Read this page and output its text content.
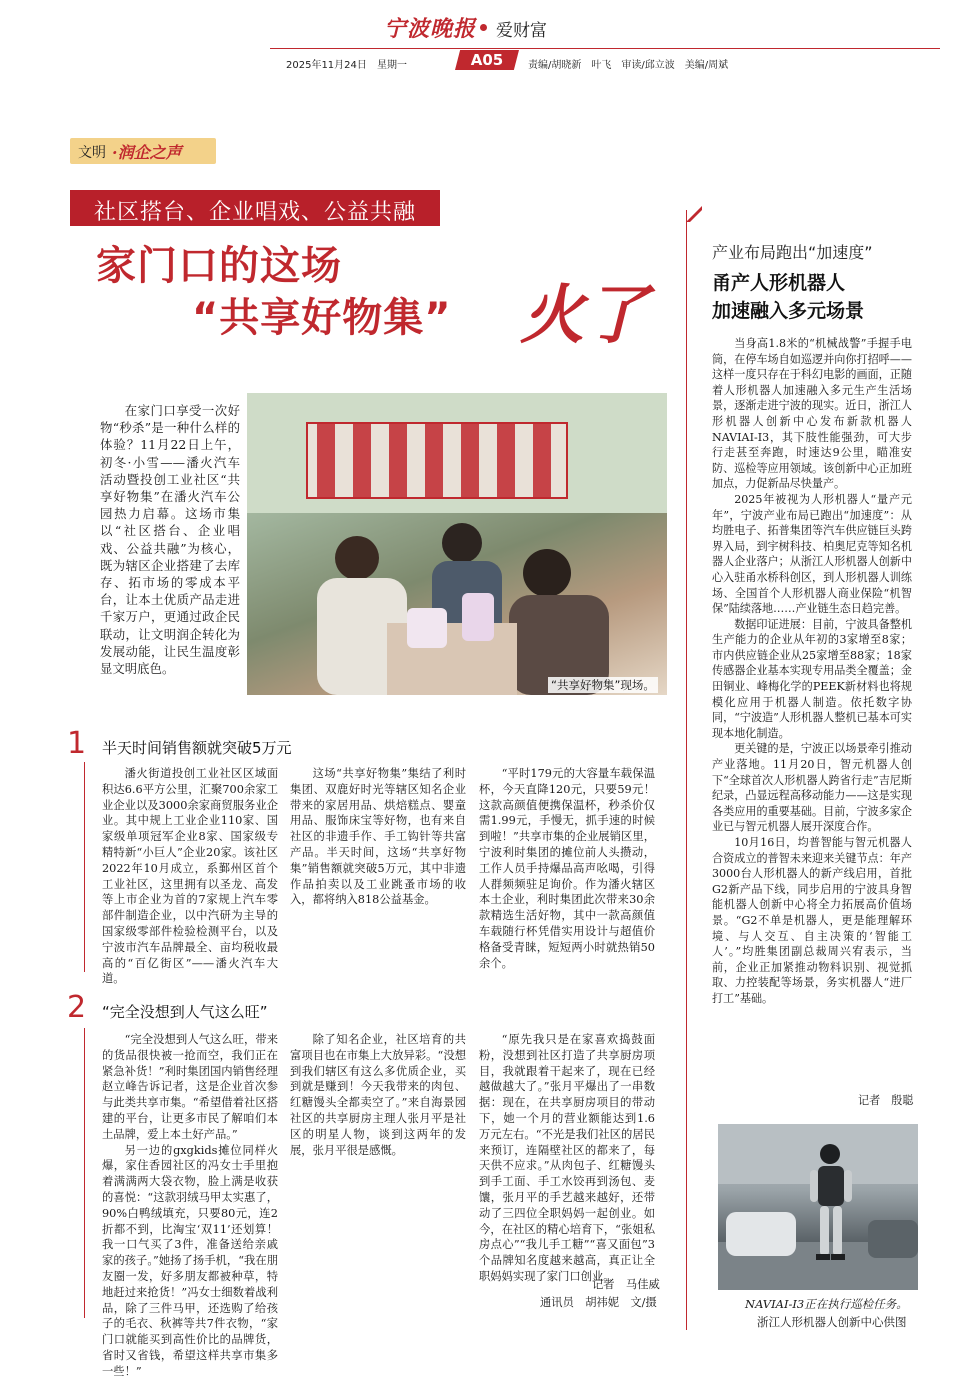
宁波晚报 爱财富
2025年11月24日 星期一	A05	责编/胡晓新　叶飞　审读/邱立波　美编/周斌
文明 ·润企之声
社区搭台、企业唱戏、公益共融
家门口的这场
“共享好物集” 火了

在家门口享受一次好物“秒杀”是一种什么样的体验？11月22日上午，初冬·小雪——潘火汽车活动暨投创工业社区“共享好物集”在潘火汽车公园热力启幕。这场市集以“社区搭台、企业唱戏、公益共融”为核心，既为辖区企业搭建了去库存、拓市场的零成本平台，让本土优质产品走进千家万户，更通过政企民联动，让文明润企转化为发展动能，让民生温度彰显文明底色。

“共享好物集”现场。
1 半天时间销售额就突破5万元

潘火街道投创工业社区区域面积达6.6平方公里，汇聚700余家工业企业以及3000余家商贸服务业企业。其中规上工业企业110家、国家级单项冠军企业8家、国家级专精特新“小巨人”企业20家。该社区2022年10月成立，系鄞州区首个工业社区，这里拥有以圣龙、高发等上市企业为首的7家规上汽车零部件制造企业，以中汽研为主导的国家级零部件检验检测平台，以及宁波市汽车品牌最全、亩均税收最高的“百亿街区”——潘火汽车大道。

这场“共享好物集”集结了利时集团、双鹿好时光等辖区知名企业带来的家居用品、烘焙糕点、婴童用品、服饰床宝等好物，也有来自社区的非遗手作、手工钩针等共富产品。半天时间，这场“共享好物集”销售额就突破5万元，其中非遗作品拍卖以及工业跳蚤市场的收入，都将纳入818公益基金。

“平时179元的大容量车载保温杯，今天直降120元，只要59元！这款高颜值便携保温杯，秒杀价仅需1.99元，手慢无，抓手速的时候到啦！”共享市集的企业展销区里，宁波利时集团的摊位前人头攒动，工作人员手持爆品高声吆喝，引得人群频频驻足询价。作为潘火辖区本土企业，利时集团此次带来30余款精选生活好物，其中一款高颜值车载随行杯凭借实用设计与超值价格备受青睐，短短两小时就热销50余个。

2 “完全没想到人气这么旺”

“完全没想到人气这么旺，带来的货品很快被一抢而空，我们正在紧急补货！”利时集团国内销售经理赵立峰告诉记者，这是企业首次参与此类共享市集。“希望借着社区搭建的平台，让更多市民了解咱们本土品牌，爱上本土好产品。”

另一边的gxgkids摊位同样火爆，家住香园社区的冯女士手里抱着满满两大袋衣物，脸上满是收获的喜悦：“这款羽绒马甲太实惠了，90%白鸭绒填充，只要80元，连2折都不到，比淘宝‘双11’还划算！我一口气买了3件，准备送给亲戚家的孩子。”她扬了扬手机，“我在朋友圈一发，好多朋友都被种草，特地赶过来抢货！”冯女士细数着战利品，除了三件马甲，还选购了给孩子的毛衣、秋裤等共7件衣物，“家门口就能买到高性价比的品牌货，省时又省钱，希望这样共享市集多一些！”

除了知名企业，社区培育的共富项目也在市集上大放异彩。“没想到我们辖区有这么多优质企业，买到就是赚到！今天我带来的肉包、红糖馒头全都卖空了。”来自海景园社区的共享厨房主理人张月平是社区的明星人物，谈到这两年的发展，张月平很是感慨。

“原先我只是在家喜欢捣鼓面粉，没想到社区打造了共享厨房项目，我就跟着干起来了，现在已经越做越大了。”张月平爆出了一串数据：现在，在共享厨房项目的带动下，她一个月的营业额能达到1.6万元左右。“不光是我们社区的居民来预订，连隔壁社区的都来了，每天供不应求。”从肉包子、红糖馒头到手工面、手工水饺再到汤包、麦馕，张月平的手艺越来越好，还带动了三四位全职妈妈一起创业。如今，在社区的精心培育下，“张姐私房点心”“我儿手工糖”“喜又面包”3个品牌知名度越来越高，真正让全职妈妈实现了家门口创业。

记者　马佳威
通讯员　胡祎妮　文/摄
产业布局跑出“加速度”
甬产人形机器人
加速融入多元场景

当身高1.8米的“机械战警”手握手电筒，在停车场自如巡逻并向你打招呼——这样一度只存在于科幻电影的画面，正随着人形机器人加速融入多元生产生活场景，逐渐走进宁波的现实。近日，浙江人形机器人创新中心发布新款机器人NAVIAI-I3，其下肢性能强劲，可大步行走甚至奔跑，时速达9公里，瞄准安防、巡检等应用领域。该创新中心正加班加点，力促新品尽快量产。

2025年被视为人形机器人“量产元年”，宁波产业布局已跑出“加速度”：从均胜电子、拓普集团等汽车供应链巨头跨界入局，到宇树科技、柏奥尼克等知名机器人企业落户；从浙江人形机器人创新中心入驻甬水桥科创区，到人形机器人训练场、全国首个人形机器人商业保险“机智保”陆续落地……产业链生态日趋完善。

数据印证进展：目前，宁波具备整机生产能力的企业从年初的3家增至8家；市内供应链企业从25家增至88家；18家传感器企业基本实现专用品类全覆盖；金田铜业、峰梅化学的PEEK新材料也将规模化应用于机器人制造。依托数字协同，“宁波造”人形机器人整机已基本可实现本地化制造。

更关键的是，宁波正以场景牵引推动产业落地。11月20日，智元机器人创下“全球首次人形机器人跨省行走”吉尼斯纪录，凸显远程高移动能力——这是实现各类应用的重要基础。目前，宁波多家企业已与智元机器人展开深度合作。

10月16日，均普智能与智元机器人合资成立的普智未来迎来关键节点：年产3000台人形机器人的新产线启用，首批G2新产品下线，同步启用的宁波具身智能机器人创新中心将全力拓展高价值场景。“G2不单是机器人，更是能理解环境、与人交互、自主决策的‘智能工人’。”均胜集团副总裁周兴宥表示，当前，企业正加紧推动物料识别、视觉抓取、力控装配等场景，务实机器人“进厂打工”基础。

记者　殷聪
NAVIAI-I3正在执行巡检任务。
浙江人形机器人创新中心供图
